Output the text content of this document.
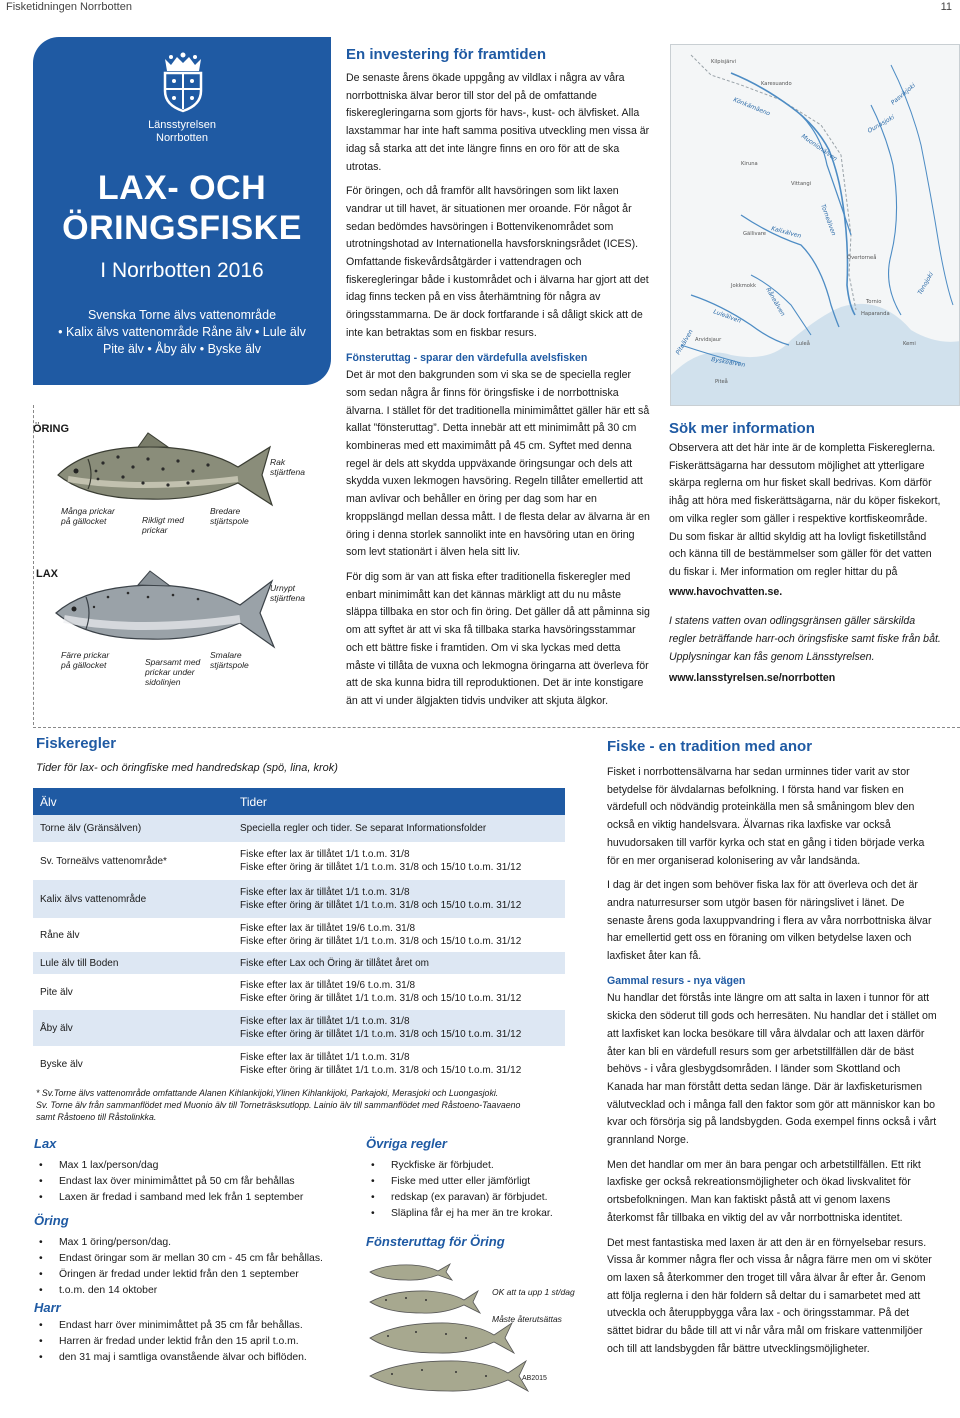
Fisketidningen Norrbotten	11
Länsstyrelsen
Norrbotten
LAX- OCH
ÖRINGSFISKE
I Norrbotten 2016
Svenska Torne älvs vattenområde
• Kalix älvs vattenområde Råne älv • Lule älv
Pite älv • Åby älv • Byske älv
ÖRING
Många prickar
på gällocket	Rikligt med
prickar
Bredare
stjärtspole
Rak
stjärtfena
LAX
Färre prickar
på gällocket	Sparsamt med
prickar under
sidolinjen
Smalare
stjärtspole
Urnypt
stjärtfena
En investering för framtiden

De senaste årens ökade uppgång av vildlax i några av våra norrbottniska älvar beror till stor del på de omfattande fiskeregleringarna som gjorts för havs-, kust- och älvfisket. Alla laxstammar har inte haft samma positiva utveckling men vissa är idag så starka att det inte längre finns en oro för att de ska utrotas.

För öringen, och då framför allt havsöringen som likt laxen vandrar ut till havet, är situationen mer oroande. För något år sedan bedömdes havsöringen i Bottenvikenområdet som utrotningshotad av Internationella havsforskningsrådet (ICES). Omfattande fiskevårdsåtgärder i vattendragen och fiskeregleringar både i kustområdet och i älvarna har gjort att det idag finns tecken på en viss återhämtning för några av öringsstammarna. De är dock fortfarande i så dåligt skick att de inte kan betraktas som en fiskbar resurs.

Fönsteruttag - sparar den värdefulla avelsfisken

Det är mot den bakgrunden som vi ska se de speciella regler som sedan några år finns för öringsfiske i de norrbottniska älvarna. I stället för det traditionella minimimåttet gäller här ett så kallat ”fönsteruttag”. Detta innebär att ett minimimått på 30 cm kombineras med ett maximimått på 45 cm. Syftet med denna regel är dels att skydda uppväxande öringsungar och dels att skydda vuxen lekmogen havsöring. Regeln tillåter emellertid att man avlivar och behåller en öring per dag som har en kroppslängd mellan dessa mått. I de flesta delar av älvarna är en öring i denna storlek sannolikt inte en havsöring utan en öring som levt stationärt i älven hela sitt liv.

För dig som är van att fiska efter traditionella fiskeregler med enbart minimimått kan det kännas märkligt att du nu måste släppa tillbaka en stor och fin öring. Det gäller då att påminna sig om att syftet är att vi ska få tillbaka starka havsöringsstammar och ett bättre fiske i framtiden. Om vi ska lyckas med detta måste vi tillåta de vuxna och lekmogna öringarna att överleva för att de ska kunna bidra till reproduktionen. Det är inte konstigare än att vi under älgjakten tidvis undviker att skjuta älgkor.

Kilpisjärvi
Karesuando
Kiruna
Vittangi
Gällivare
Jokkmokk
Arvidsjaur
Piteå
Luleå
Haparanda
Tornio
Kemi
Övertorneå
Könkämäeno
Muonionälven
Torneälven
Kalixälven
Råneälven
Luleälven
Piteälven
Byskeälven
Ounasjoki
Pasvikjoki
Tenojoki
Sök mer information

Observera att det här inte är de kompletta Fiskereglerna. Fiskerättsägarna har dessutom möjlighet att ytterligare skärpa reglerna om hur fisket skall bedrivas. Kom därför ihåg att höra med fiskerättsägarna, när du köper fiskekort, om vilka regler som gäller i respektive kortfiskeområde. Du som fiskar är alltid skyldig att ha lovligt fisketillstånd och känna till de bestämmelser som gäller för det vatten du fiskar i. Mer information om regler hittar du på

www.havochvatten.se.

I statens vatten ovan odlingsgränsen gäller särskilda regler beträffande harr-och öringsfiske samt fiske från båt. Upplysningar kan fås genom Länsstyrelsen.

www.lansstyrelsen.se/norrbotten

Fiskeregler
Tider för lax- och öringfiske med handredskap (spö, lina, krok)
Älv	Tider
Torne älv (Gränsälven)	Speciella regler och tider. Se separat Informationsfolder

Sv. Torneälvs vattenområde*	Fiske efter lax är tillåtet 1/1 t.o.m. 31/8
Fiske efter öring är tillåtet 1/1 t.o.m. 31/8 och 15/10 t.o.m. 31/12

Kalix älvs vattenområde	Fiske efter lax är tillåtet 1/1 t.o.m. 31/8
Fiske efter öring är tillåtet 1/1 t.o.m. 31/8 och 15/10 t.o.m. 31/12

Råne älv	Fiske efter lax är tillåtet 19/6 t.o.m. 31/8
Fiske efter öring är tillåtet 1/1 t.o.m. 31/8 och 15/10 t.o.m. 31/12

Lule älv till Boden	Fiske efter Lax och Öring är tillåtet året om

Pite älv	Fiske efter lax är tillåtet 19/6 t.o.m. 31/8
Fiske efter öring är tillåtet 1/1 t.o.m. 31/8 och 15/10 t.o.m. 31/12

Åby älv	Fiske efter lax är tillåtet 1/1 t.o.m. 31/8
Fiske efter öring är tillåtet 1/1 t.o.m. 31/8 och 15/10 t.o.m. 31/12

Byske älv	Fiske efter lax är tillåtet 1/1 t.o.m. 31/8
Fiske efter öring är tillåtet 1/1 t.o.m. 31/8 och 15/10 t.o.m. 31/12
* Sv.Torne älvs vattenområde omfattande Alanen Kihlankijoki,Ylinen Kihlankijoki, Parkajoki, Merasjoki och Luongasjoki.
Sv. Torne älv från sammanflödet med Muonio älv till Torneträsksutlopp. Lainio älv till sammanflödet med Råstoeno-Taavaeno
samt Råstoeno till Råstolinkka.
Lax
• Max 1 lax/person/dag
• Endast lax över minimimåttet på 50 cm får behållas
• Laxen är fredad i samband med lek från 1 september
Öring
• Max 1 öring/person/dag.
• Endast öringar som är mellan 30 cm - 45 cm får behållas.
• Öringen är fredad under lektid från den 1 september
• t.o.m. den 14 oktober
Harr
• Endast harr över minimimåttet på 35 cm får behållas.
• Harren är fredad under lektid från den 15 april t.o.m.
• den 31 maj i samtliga ovanstående älvar och biflöden.
Övriga regler
• Ryckfiske är förbjudet.
• Fiske med utter eller jämförligt
• redskap (ex paravan) är förbjudet.
• Släplina får ej ha mer än tre krokar.
Fönsteruttag för Öring
OK att ta upp 1 st/dag
Måste återutsättas
AB2015
Fiske - en tradition med anor

Fisket i norrbottensälvarna har sedan urminnes tider varit av stor betydelse för älvdalarnas befolkning. I första hand var fisken en värdefull och nödvändig proteinkälla men så småningom blev den också en viktig handelsvara. Älvarnas rika laxfiske var också huvudorsaken till varför kyrka och stat en gång i tiden började verka för en mer organiserad kolonisering av vår landsända.

I dag är det ingen som behöver fiska lax för att överleva och det är andra naturresurser som utgör basen för näringslivet i länet. De senaste årens goda laxuppvandring i flera av våra norrbottniska älvar har emellertid gett oss en föraning om vilken betydelse laxen och laxfisket åter kan få.

Gammal resurs - nya vägen

Nu handlar det förstås inte längre om att salta in laxen i tunnor för att skicka den söderut till gods och herresäten. Nu handlar det i stället om att laxfisket kan locka besökare till våra älvdalar och att laxen därför åter kan bli en värdefull resurs som ger arbetstillfällen där de bäst behövs - i våra glesbygdsområden. I länder som Skottland och Kanada har man förstått detta sedan länge. Där är laxfisketurismen välutvecklad och i många fall den faktor som gör att människor kan bo kvar och försörja sig på landsbygden. Goda exempel finns också i vårt grannland Norge.

Men det handlar om mer än bara pengar och arbetstillfällen. Ett rikt laxfiske ger också rekreationsmöjligheter och ökad livskvalitet för ortsbefolkningen. Man kan faktiskt påstå att vi genom laxens återkomst får tillbaka en viktig del av vår norrbottniska identitet.

Det mest fantastiska med laxen är att den är en förnyelsebar resurs. Vissa år kommer några fler och vissa år några färre men om vi sköter om laxen så återkommer den troget till våra älvar år efter år. Genom att följa reglerna i den här foldern så deltar du i samarbetet med att utveckla och återuppbygga våra lax - och öringsstammar. På det sättet bidrar du både till att vi når våra mål om friskare vattenmiljöer och till att landsbygden får bättre utvecklingsmöjligheter.
